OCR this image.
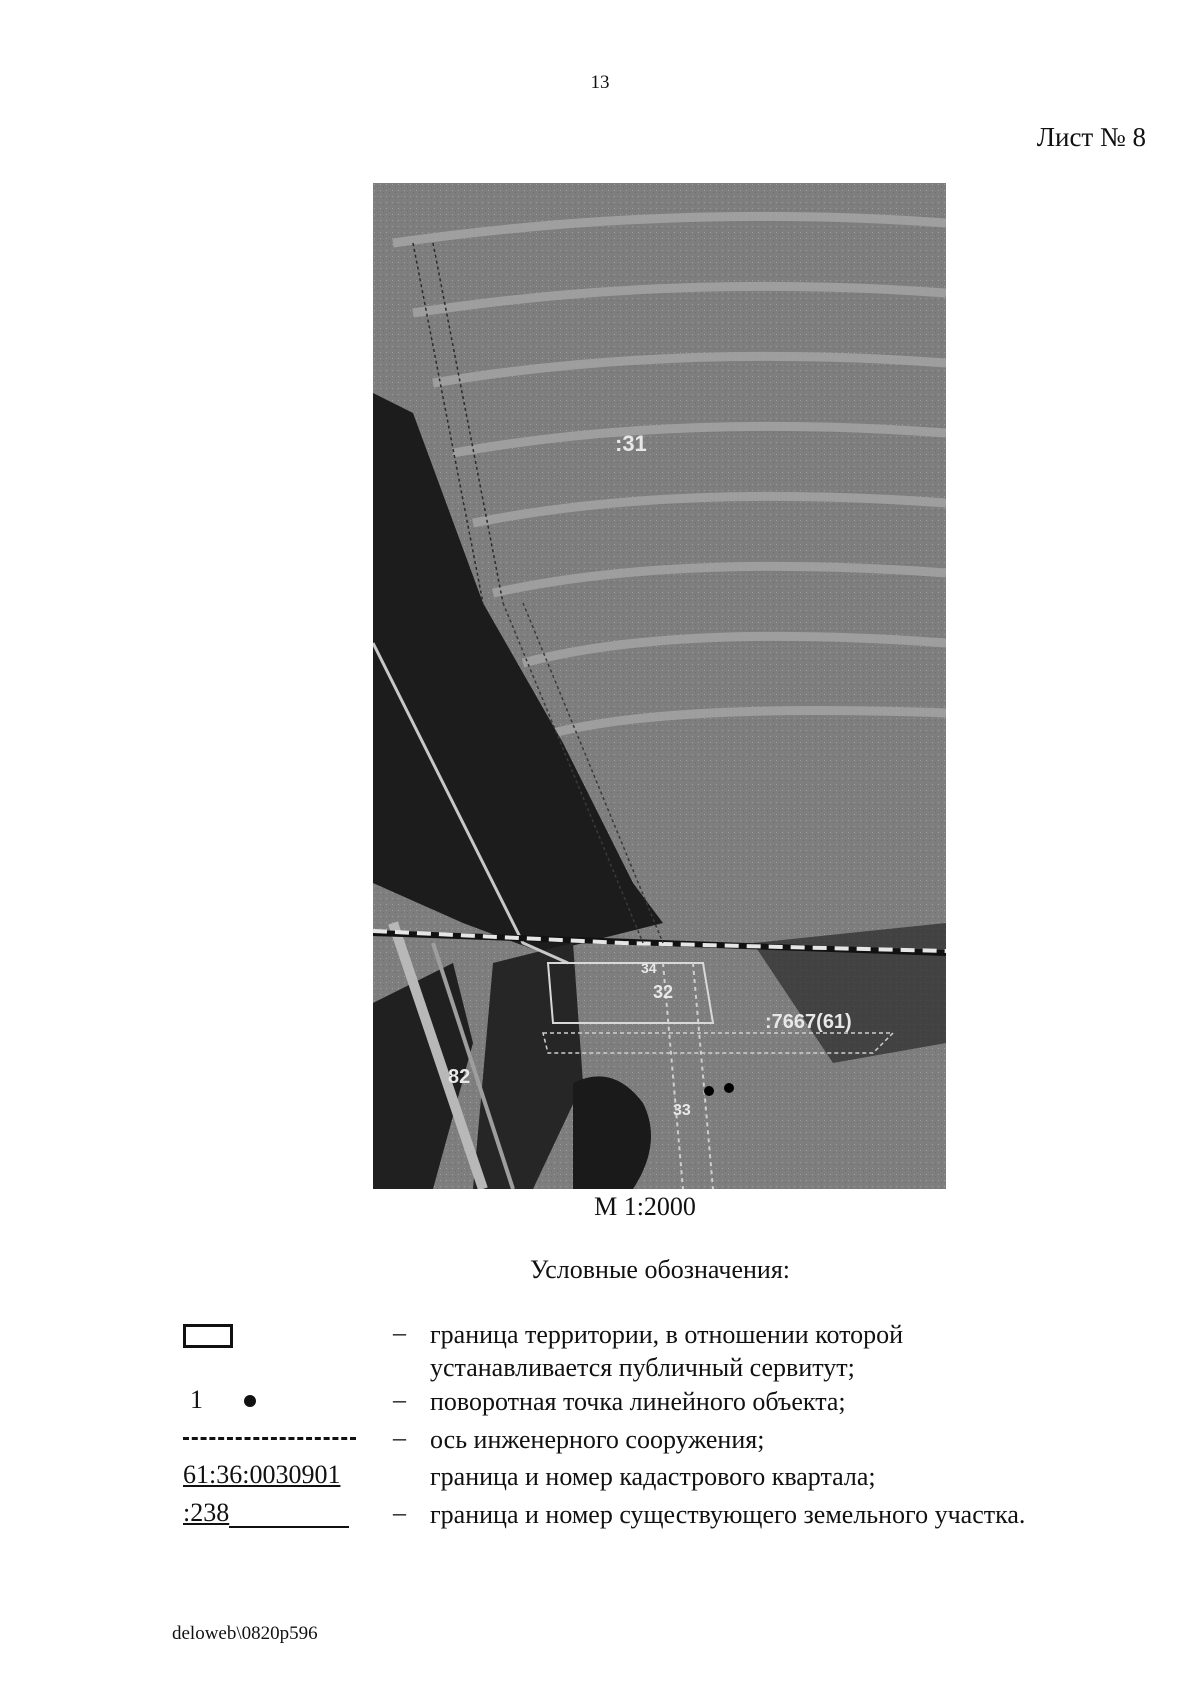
13
Лист № 8
:31
:7667(61)
82
33
32
34
М 1:2000
Условные обозначения:
– граница территории, в отношении которой
устанавливается публичный сервитут;
1	– поворотная точка линейного объекта;
– ось инженерного сооружения;
61:36:0030901	граница и номер кадастрового квартала;
:238	– граница и номер существующего земельного участка.
deloweb\0820p596
